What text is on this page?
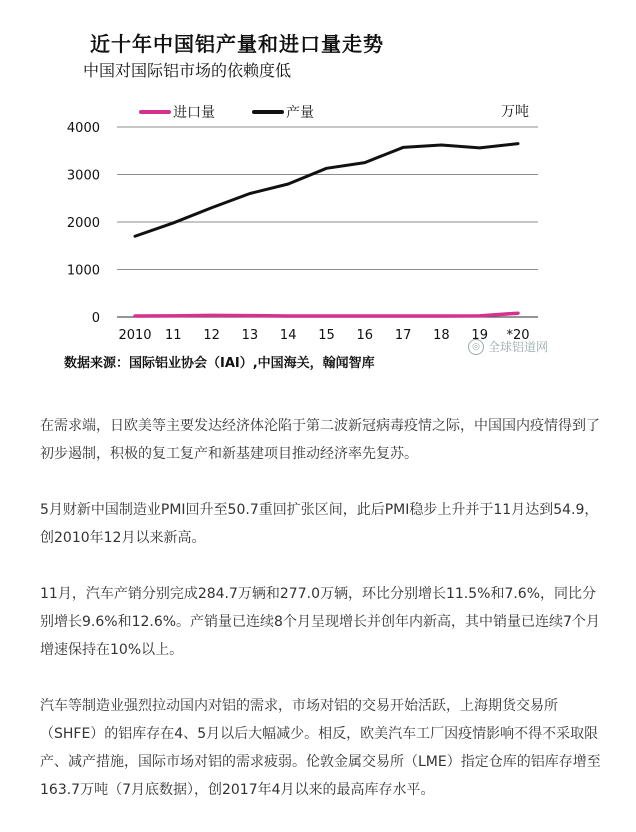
近十年中国铝产量和进口量走势
中国对国际铝市场的依赖度低
0
1000
2000
3000
4000
2010 11 12 13 14 15 16 17 18 19 *20
进口量	产量	万吨
数据来源：国际铝业协会（IAI）,中国海关，翰闻智库
◎ 全球铝道网

在需求端，日欧美等主要发达经济体沦陷于第二波新冠病毒疫情之际，中国国内疫情得到了初步遏制，积极的复工复产和新基建项目推动经济率先复苏。

5月财新中国制造业PMI回升至50.7重回扩张区间，此后PMI稳步上升并于11月达到54.9，创2010年12月以来新高。

11月，汽车产销分别完成284.7万辆和277.0万辆，环比分别增长11.5%和7.6%，同比分别增长9.6%和12.6%。产销量已连续8个月呈现增长并创年内新高，其中销量已连续7个月增速保持在10%以上。

汽车等制造业强烈拉动国内对铝的需求，市场对铝的交易开始活跃，上海期货交易所（SHFE）的铝库存在4、5月以后大幅减少。相反，欧美汽车工厂因疫情影响不得不采取限产、减产措施，国际市场对铝的需求疲弱。伦敦金属交易所（LME）指定仓库的铝库存增至163.7万吨（7月底数据），创2017年4月以来的最高库存水平。
